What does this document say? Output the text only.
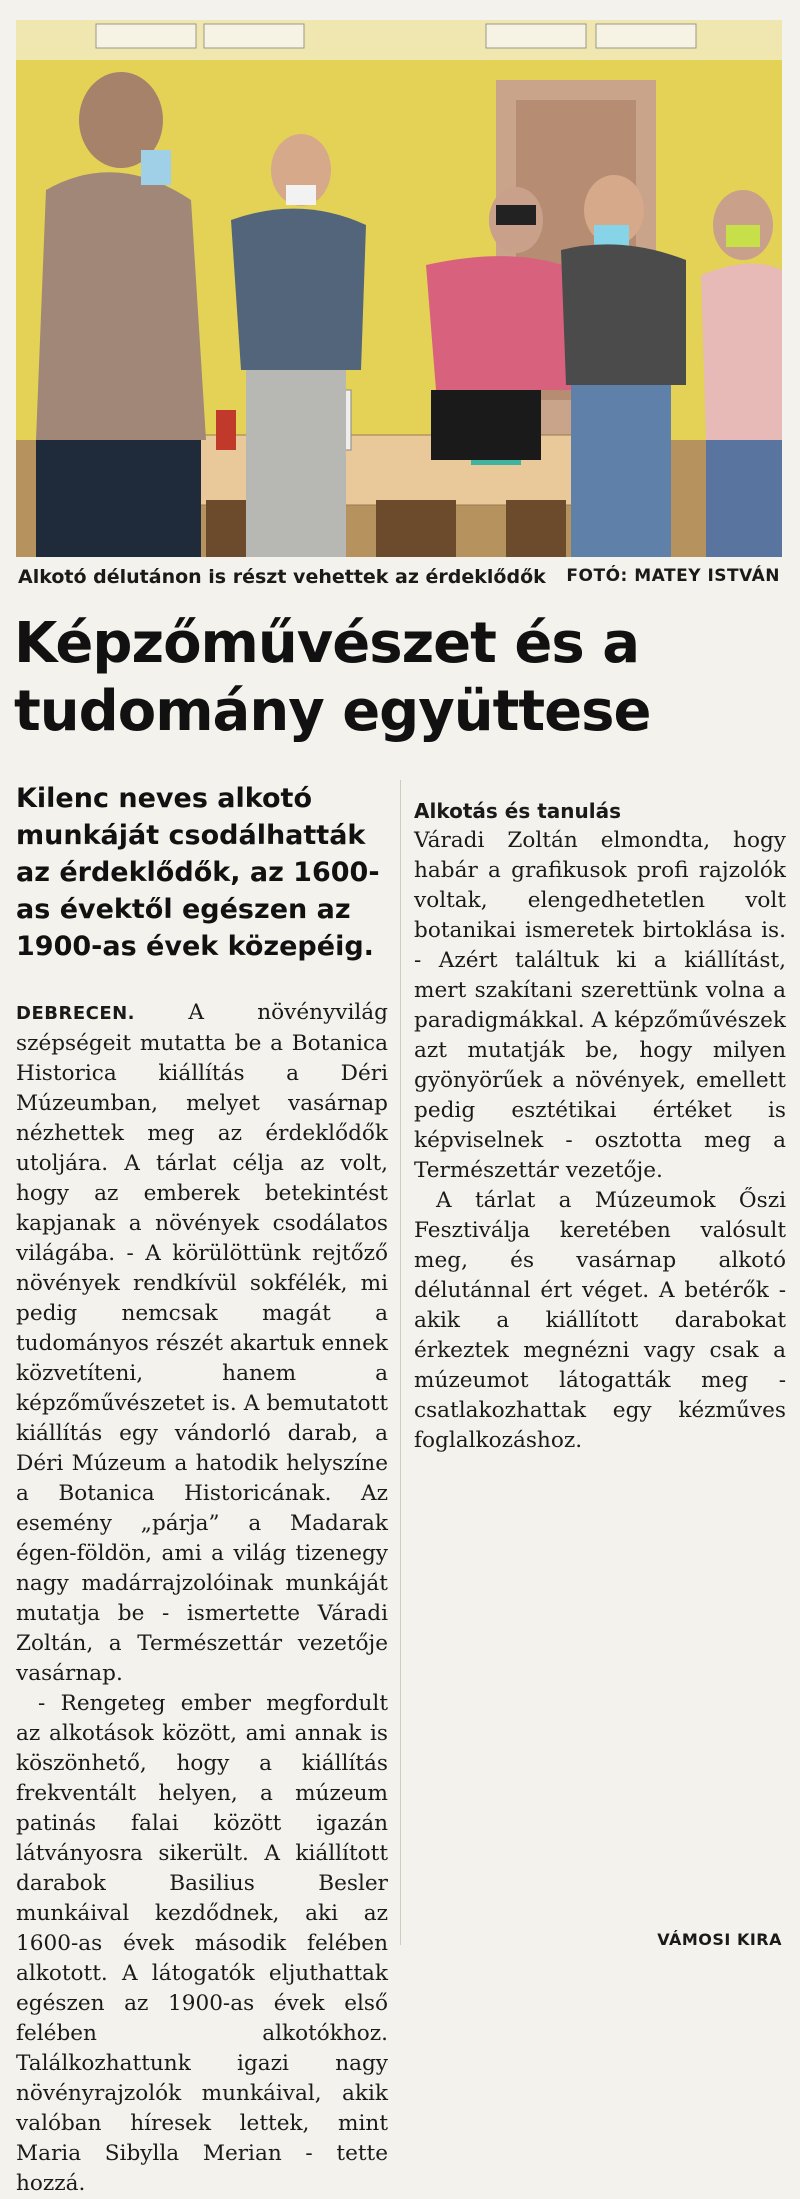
Alkotó délutánon is részt vehettek az érdeklődők FOTÓ: MATEY ISTVÁN
Képzőművészet és a
tudomány együttese
Kilenc neves alkotó munkáját csodálhatták az érdeklődők, az 1600-as évektől egészen az 1900-as évek közepéig.

DEBRECEN. A növényvilág szépségeit mutatta be a Botanica Historica kiállítás a Déri Múzeumban, melyet vasárnap nézhettek meg az érdeklődők utoljára. A tárlat célja az volt, hogy az emberek betekintést kapjanak a növények csodálatos világába. - A körülöttünk rejtőző növények rendkívül sokfélék, mi pedig nemcsak magát a tudományos részét akartuk ennek közvetíteni, hanem a képzőművészetet is. A bemutatott kiállítás egy vándorló darab, a Déri Múzeum a hatodik helyszíne a Botanica Historicának. Az esemény „párja” a Madarak égen-földön, ami a világ tizenegy nagy madárrajzolóinak munkáját mutatja be - ismertette Váradi Zoltán, a Természettár vezetője vasárnap.

- Rengeteg ember megfordult az alkotások között, ami annak is köszönhető, hogy a kiállítás frekventált helyen, a múzeum patinás falai között igazán látványosra sikerült. A kiállított darabok Basilius Besler munkáival kezdődnek, aki az 1600-as évek második felében alkotott. A látogatók eljuthattak egészen az 1900-as évek első felében alkotókhoz. Találkozhattunk igazi nagy növényrajzolók munkáival, akik valóban híresek lettek, mint Maria Sibylla Merian - tette hozzá.

Alkotás és tanulás

Váradi Zoltán elmondta, hogy habár a grafikusok profi rajzolók voltak, elengedhetetlen volt botanikai ismeretek birtoklása is. - Azért találtuk ki a kiállítást, mert szakítani szerettünk volna a paradigmákkal. A képzőművészek azt mutatják be, hogy milyen gyönyörűek a növények, emellett pedig esztétikai értéket is képviselnek - osztotta meg a Természettár vezetője.

A tárlat a Múzeumok Őszi Fesztiválja keretében valósult meg, és vasárnap alkotó délutánnal ért véget. A betérők - akik a kiállított darabokat érkeztek megnézni vagy csak a múzeumot látogatták meg - csatlakozhattak egy kézműves foglalkozáshoz.

VÁMOSI KIRA
